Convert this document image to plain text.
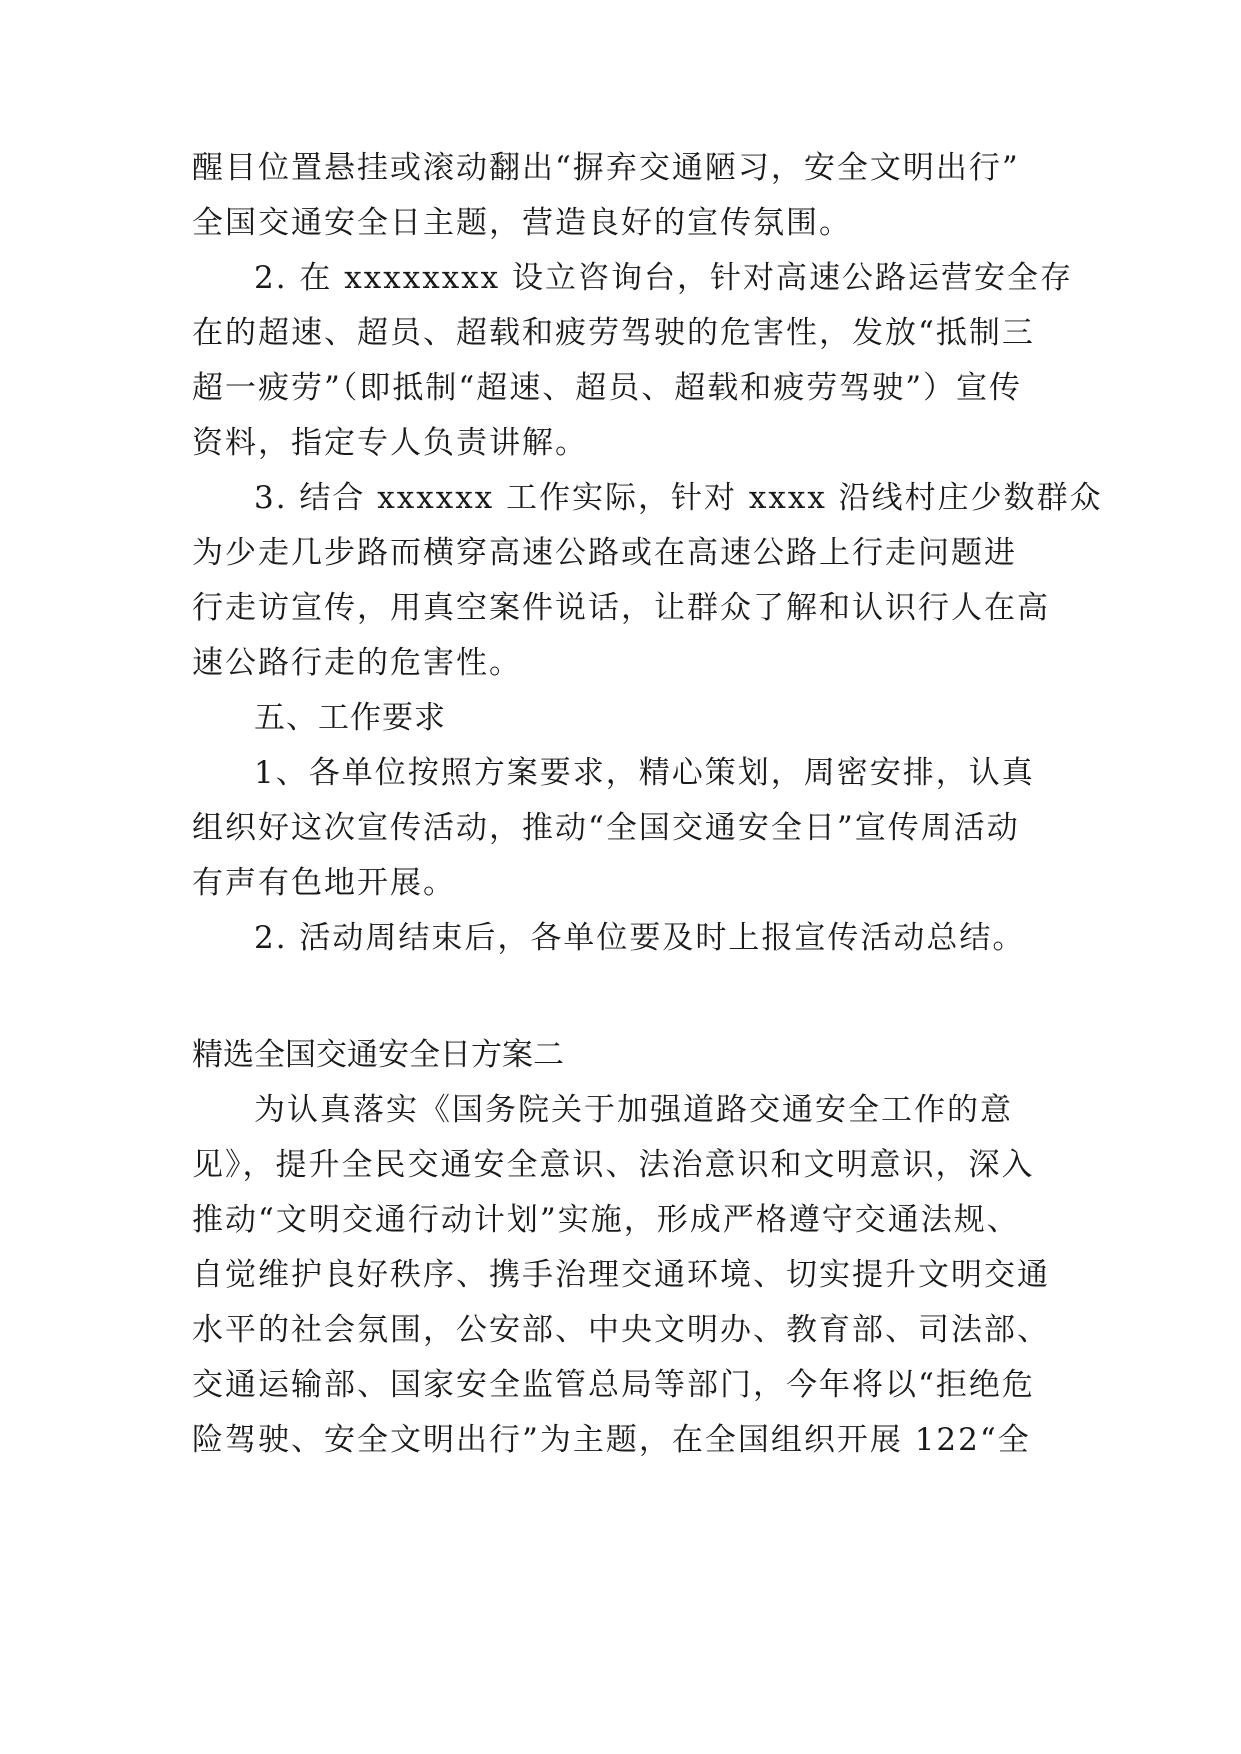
醒目位置悬挂或滚动翻出“摒弃交通陋习，安全文明出行”
全国交通安全日主题，营造良好的宣传氛围。
2. 在 xxxxxxxx 设立咨询台，针对高速公路运营安全存
在的超速、超员、超载和疲劳驾驶的危害性，发放“抵制三
超一疲劳”（即抵制“超速、超员、超载和疲劳驾驶”）宣传
资料，指定专人负责讲解。
3. 结合 xxxxxx 工作实际，针对 xxxx 沿线村庄少数群众
为少走几步路而横穿高速公路或在高速公路上行走问题进
行走访宣传，用真空案件说话，让群众了解和认识行人在高
速公路行走的危害性。
五、工作要求
1、各单位按照方案要求，精心策划，周密安排，认真
组织好这次宣传活动，推动“全国交通安全日”宣传周活动
有声有色地开展。
2. 活动周结束后，各单位要及时上报宣传活动总结。
精选全国交通安全日方案二
为认真落实《国务院关于加强道路交通安全工作的意
见》，提升全民交通安全意识、法治意识和文明意识，深入
推动“文明交通行动计划”实施，形成严格遵守交通法规、
自觉维护良好秩序、携手治理交通环境、切实提升文明交通
水平的社会氛围，公安部、中央文明办、教育部、司法部、
交通运输部、国家安全监管总局等部门，今年将以“拒绝危
险驾驶、安全文明出行”为主题，在全国组织开展 122“全
